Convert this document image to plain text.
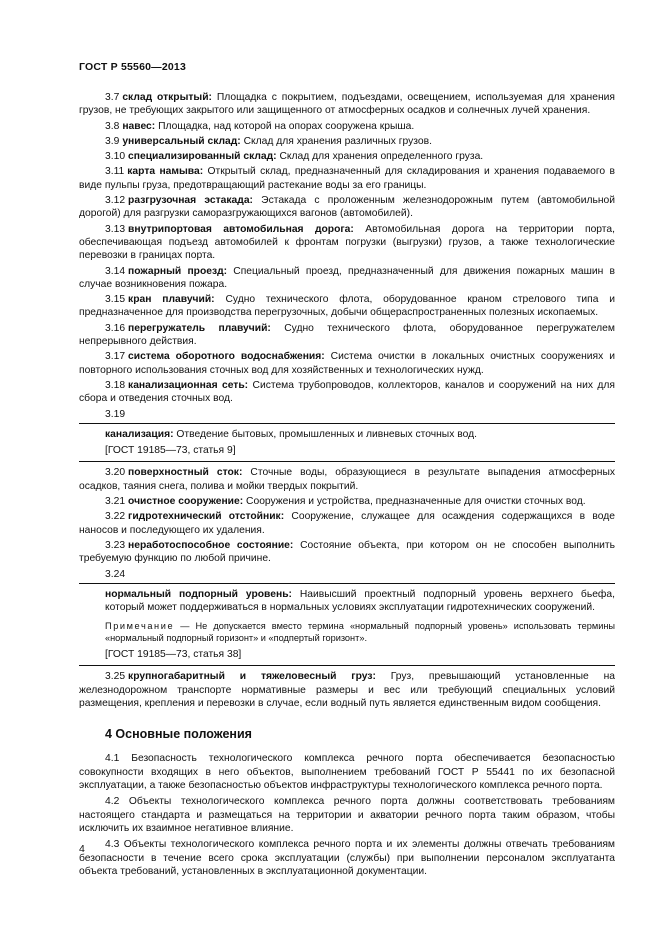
ГОСТ Р 55560—2013

3.7 склад открытый: Площадка с покрытием, подъездами, освещением, используемая для хранения грузов, не требующих закрытого или защищенного от атмосферных осадков и солнечных лучей хранения.

3.8 навес: Площадка, над которой на опорах сооружена крыша.

3.9 универсальный склад: Склад для хранения различных грузов.

3.10 специализированный склад: Склад для хранения определенного груза.

3.11 карта намыва: Открытый склад, предназначенный для складирования и хранения подаваемого в виде пульпы груза, предотвращающий растекание воды за его границы.

3.12 разгрузочная эстакада: Эстакада с проложенным железнодорожным путем (автомобильной дорогой) для разгрузки саморазгружающихся вагонов (автомобилей).

3.13 внутрипортовая автомобильная дорога: Автомобильная дорога на территории порта, обеспечивающая подъезд автомобилей к фронтам погрузки (выгрузки) грузов, а также технологические перевозки в границах порта.

3.14 пожарный проезд: Специальный проезд, предназначенный для движения пожарных машин в случае возникновения пожара.

3.15 кран плавучий: Судно технического флота, оборудованное краном стрелового типа и предназначенное для производства перегрузочных, добычи общераспространенных полезных ископаемых.

3.16 перегружатель плавучий: Судно технического флота, оборудованное перегружателем непрерывного действия.

3.17 система оборотного водоснабжения: Система очистки в локальных очистных сооружениях и повторного использования сточных вод для хозяйственных и технологических нужд.

3.18 канализационная сеть: Система трубопроводов, коллекторов, каналов и сооружений на них для сбора и отведения сточных вод.

3.19

канализация: Отведение бытовых, промышленных и ливневых сточных вод.

[ГОСТ 19185—73, статья 9]

3.20 поверхностный сток: Сточные воды, образующиеся в результате выпадения атмосферных осадков, таяния снега, полива и мойки твердых покрытий.

3.21 очистное сооружение: Сооружения и устройства, предназначенные для очистки сточных вод.

3.22 гидротехнический отстойник: Сооружение, служащее для осаждения содержащихся в воде наносов и последующего их удаления.

3.23 неработоспособное состояние: Состояние объекта, при котором он не способен выполнить требуемую функцию по любой причине.

3.24

нормальный подпорный уровень: Наивысший проектный подпорный уровень верхнего бьефа, который может поддерживаться в нормальных условиях эксплуатации гидротехнических сооружений.

Примечание — Не допускается вместо термина «нормальный подпорный уровень» использовать термины «нормальный подпорный горизонт» и «подпертый горизонт».

[ГОСТ 19185—73, статья 38]

3.25 крупногабаритный и тяжеловесный груз: Груз, превышающий установленные на железнодорожном транспорте нормативные размеры и вес или требующий специальных условий размещения, крепления и перевозки в случае, если водный путь является единственным видом сообщения.

4 Основные положения

4.1 Безопасность технологического комплекса речного порта обеспечивается безопасностью совокупности входящих в него объектов, выполнением требований ГОСТ Р 55441 по их безопасной эксплуатации, а также безопасностью объектов инфраструктуры технологического комплекса речного порта.

4.2 Объекты технологического комплекса речного порта должны соответствовать требованиям настоящего стандарта и размещаться на территории и акватории речного порта таким образом, чтобы исключить их взаимное негативное влияние.

4.3 Объекты технологического комплекса речного порта и их элементы должны отвечать требованиям безопасности в течение всего срока эксплуатации (службы) при выполнении персоналом эксплуатанта объекта требований, установленных в эксплуатационной документации.

4
